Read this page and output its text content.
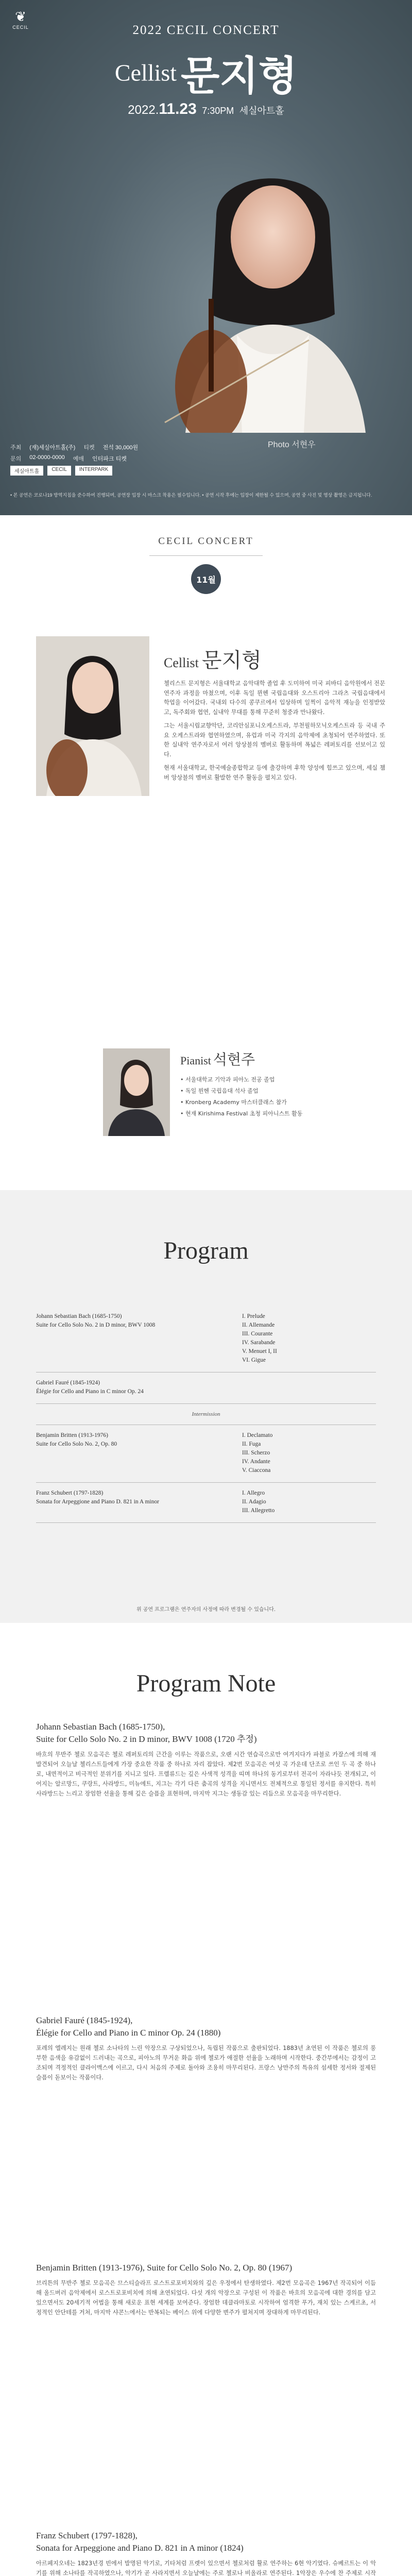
❦
CECIL	2022 CECIL CONCERT
Cellist 문지형
2022.11.23 7:30PM 세실아트홀
Photo 서현우
주최 (재)세실아트홀(주) 티켓 전석 30,000원
문의 02-0000-0000 예매 인터파크 티켓
세실아트홀	CECIL	INTERPARK
• 본 공연은 코로나19 방역지침을 준수하여 진행되며, 공연장 입장 시 마스크 착용은 필수입니다. • 공연 시작 후에는 입장이 제한될 수 있으며, 공연 중 사진 및 영상 촬영은 금지됩니다.
CECIL CONCERT
11월
Cellist 문지형

첼리스트 문지형은 서울대학교 음악대학 졸업 후 도미하여 미국 피바디 음악원에서 전문연주자 과정을 마쳤으며, 이후 독일 뮌헨 국립음대와 오스트리아 그라츠 국립음대에서 학업을 이어갔다. 국내외 다수의 콩쿠르에서 입상하며 일찍이 음악적 재능을 인정받았고, 독주회와 협연, 실내악 무대를 통해 꾸준히 청중과 만나왔다.

그는 서울시립교향악단, 코리안심포니오케스트라, 부천필하모닉오케스트라 등 국내 주요 오케스트라와 협연하였으며, 유럽과 미국 각지의 음악제에 초청되어 연주하였다. 또한 실내악 연주자로서 여러 앙상블의 멤버로 활동하며 폭넓은 레퍼토리를 선보이고 있다.

현재 서울대학교, 한국예술종합학교 등에 출강하며 후학 양성에 힘쓰고 있으며, 세실 챔버 앙상블의 멤버로 활발한 연주 활동을 펼치고 있다.

Pianist 석현주
• 서울대학교 기악과 피아노 전공 졸업
• 독일 뮌헨 국립음대 석사 졸업
• Kronberg Academy 마스터클래스 참가
• 현재 Kirishima Festival 초청 피아니스트 활동
Program
Johann Sebastian Bach (1685-1750)
Suite for Cello Solo No. 2 in D minor, BWV 1008
I. Prelude
II. Allemande
III. Courante
IV. Sarabande
V. Menuet I, II
VI. Gigue
Gabriel Fauré (1845-1924)
Élégie for Cello and Piano in C minor Op. 24
Intermission
Benjamin Britten (1913-1976)
Suite for Cello Solo No. 2, Op. 80
I. Declamato
II. Fuga
III. Scherzo
IV. Andante
V. Ciaccona
Franz Schubert (1797-1828)
Sonata for Arpeggione and Piano D. 821 in A minor
I. Allegro
II. Adagio
III. Allegretto
위 공연 프로그램은 연주자의 사정에 따라 변경될 수 있습니다.
Program Note
Johann Sebastian Bach (1685-1750),
Suite for Cello Solo No. 2 in D minor, BWV 1008 (1720 추정)
바흐의 무반주 첼로 모음곡은 첼로 레퍼토리의 근간을 이루는 작품으로, 오랜 시간 연습곡으로만 여겨지다가 파블로 카잘스에 의해 재발견되어 오늘날 첼리스트들에게 가장 중요한 작품 중 하나로 자리 잡았다. 제2번 모음곡은 여섯 곡 가운데 단조로 쓰인 두 곡 중 하나로, 내면적이고 비극적인 분위기를 지니고 있다. 프렐류드는 깊은 사색적 성격을 띠며 하나의 동기로부터 전곡이 자라나듯 전개되고, 이어지는 알르망드, 쿠랑트, 사라방드, 미뉴에트, 지그는 각기 다른 춤곡의 성격을 지니면서도 전체적으로 통일된 정서를 유지한다. 특히 사라방드는 느리고 장엄한 선율을 통해 깊은 슬픔을 표현하며, 마지막 지그는 생동감 있는 리듬으로 모음곡을 마무리한다.
Gabriel Fauré (1845-1924),
Élégie for Cello and Piano in C minor Op. 24 (1880)
포레의 엘레지는 원래 첼로 소나타의 느린 악장으로 구상되었으나, 독립된 작품으로 출판되었다. 1883년 초연된 이 작품은 첼로의 풍부한 음색을 유감없이 드러내는 곡으로, 피아노의 무거운 화음 위에 첼로가 애절한 선율을 노래하며 시작한다. 중간부에서는 감정이 고조되며 격정적인 클라이맥스에 이르고, 다시 처음의 주제로 돌아와 조용히 마무리된다. 프랑스 낭만주의 특유의 섬세한 정서와 절제된 슬픔이 돋보이는 작품이다.
Benjamin Britten (1913-1976), Suite for Cello Solo No. 2, Op. 80 (1967)
브리튼의 무반주 첼로 모음곡은 므스티슬라프 로스트로포비치와의 깊은 우정에서 탄생하였다. 제2번 모음곡은 1967년 작곡되어 이듬해 올드버러 음악제에서 로스트로포비치에 의해 초연되었다. 다섯 개의 악장으로 구성된 이 작품은 바흐의 모음곡에 대한 경의를 담고 있으면서도 20세기적 어법을 통해 새로운 표현 세계를 보여준다. 장엄한 데클라마토로 시작하여 엄격한 푸가, 재치 있는 스케르초, 서정적인 안단테를 거쳐, 마지막 샤콘느에서는 반복되는 베이스 위에 다양한 변주가 펼쳐지며 장대하게 마무리된다.
Franz Schubert (1797-1828),
Sonata for Arpeggione and Piano D. 821 in A minor (1824)
아르페지오네는 1823년경 빈에서 발명된 악기로, 기타처럼 프렛이 있으면서 첼로처럼 활로 연주하는 6현 악기였다. 슈베르트는 이 악기를 위해 소나타를 작곡하였으나, 악기가 곧 사라지면서 오늘날에는 주로 첼로나 비올라로 연주된다. 1악장은 우수에 찬 주제로 시작
